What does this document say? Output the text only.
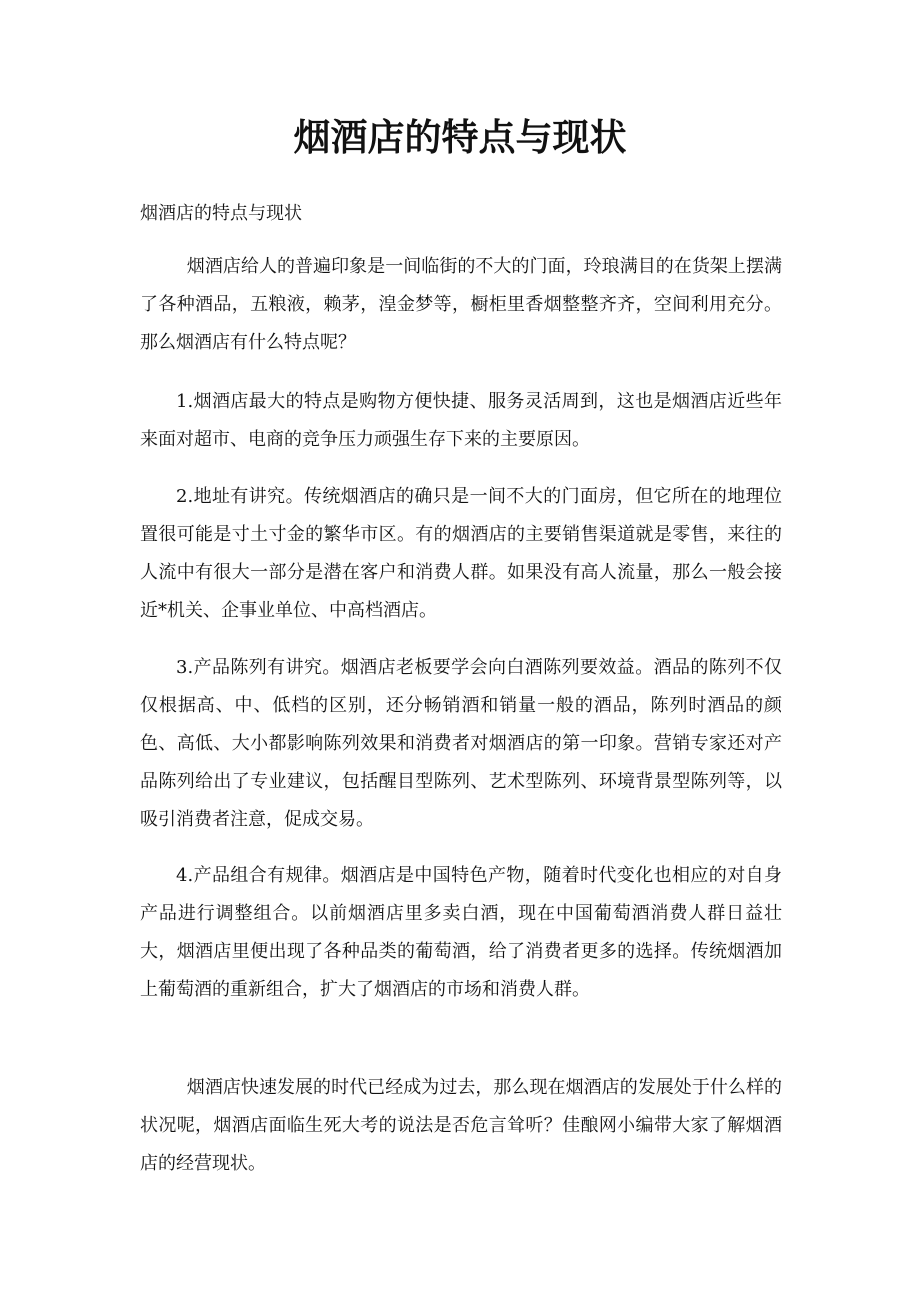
烟酒店的特点与现状

烟酒店的特点与现状

烟酒店给人的普遍印象是一间临街的不大的门面，玲琅满目的在货架上摆满了各种酒品，五粮液，赖茅，湟金梦等，橱柜里香烟整整齐齐，空间利用充分。那么烟酒店有什么特点呢？

1.烟酒店最大的特点是购物方便快捷、服务灵活周到，这也是烟酒店近些年来面对超市、电商的竞争压力顽强生存下来的主要原因。

2.地址有讲究。传统烟酒店的确只是一间不大的门面房，但它所在的地理位置很可能是寸土寸金的繁华市区。有的烟酒店的主要销售渠道就是零售，来往的人流中有很大一部分是潜在客户和消费人群。如果没有高人流量，那么一般会接近*机关、企事业单位、中高档酒店。

3.产品陈列有讲究。烟酒店老板要学会向白酒陈列要效益。酒品的陈列不仅仅根据高、中、低档的区别，还分畅销酒和销量一般的酒品，陈列时酒品的颜色、高低、大小都影响陈列效果和消费者对烟酒店的第一印象。营销专家还对产品陈列给出了专业建议，包括醒目型陈列、艺术型陈列、环境背景型陈列等，以吸引消费者注意，促成交易。

4.产品组合有规律。烟酒店是中国特色产物，随着时代变化也相应的对自身产品进行调整组合。以前烟酒店里多卖白酒，现在中国葡萄酒消费人群日益壮大，烟酒店里便出现了各种品类的葡萄酒，给了消费者更多的选择。传统烟酒加上葡萄酒的重新组合，扩大了烟酒店的市场和消费人群。

烟酒店快速发展的时代已经成为过去，那么现在烟酒店的发展处于什么样的状况呢，烟酒店面临生死大考的说法是否危言耸听？佳酿网小编带大家了解烟酒店的经营现状。
